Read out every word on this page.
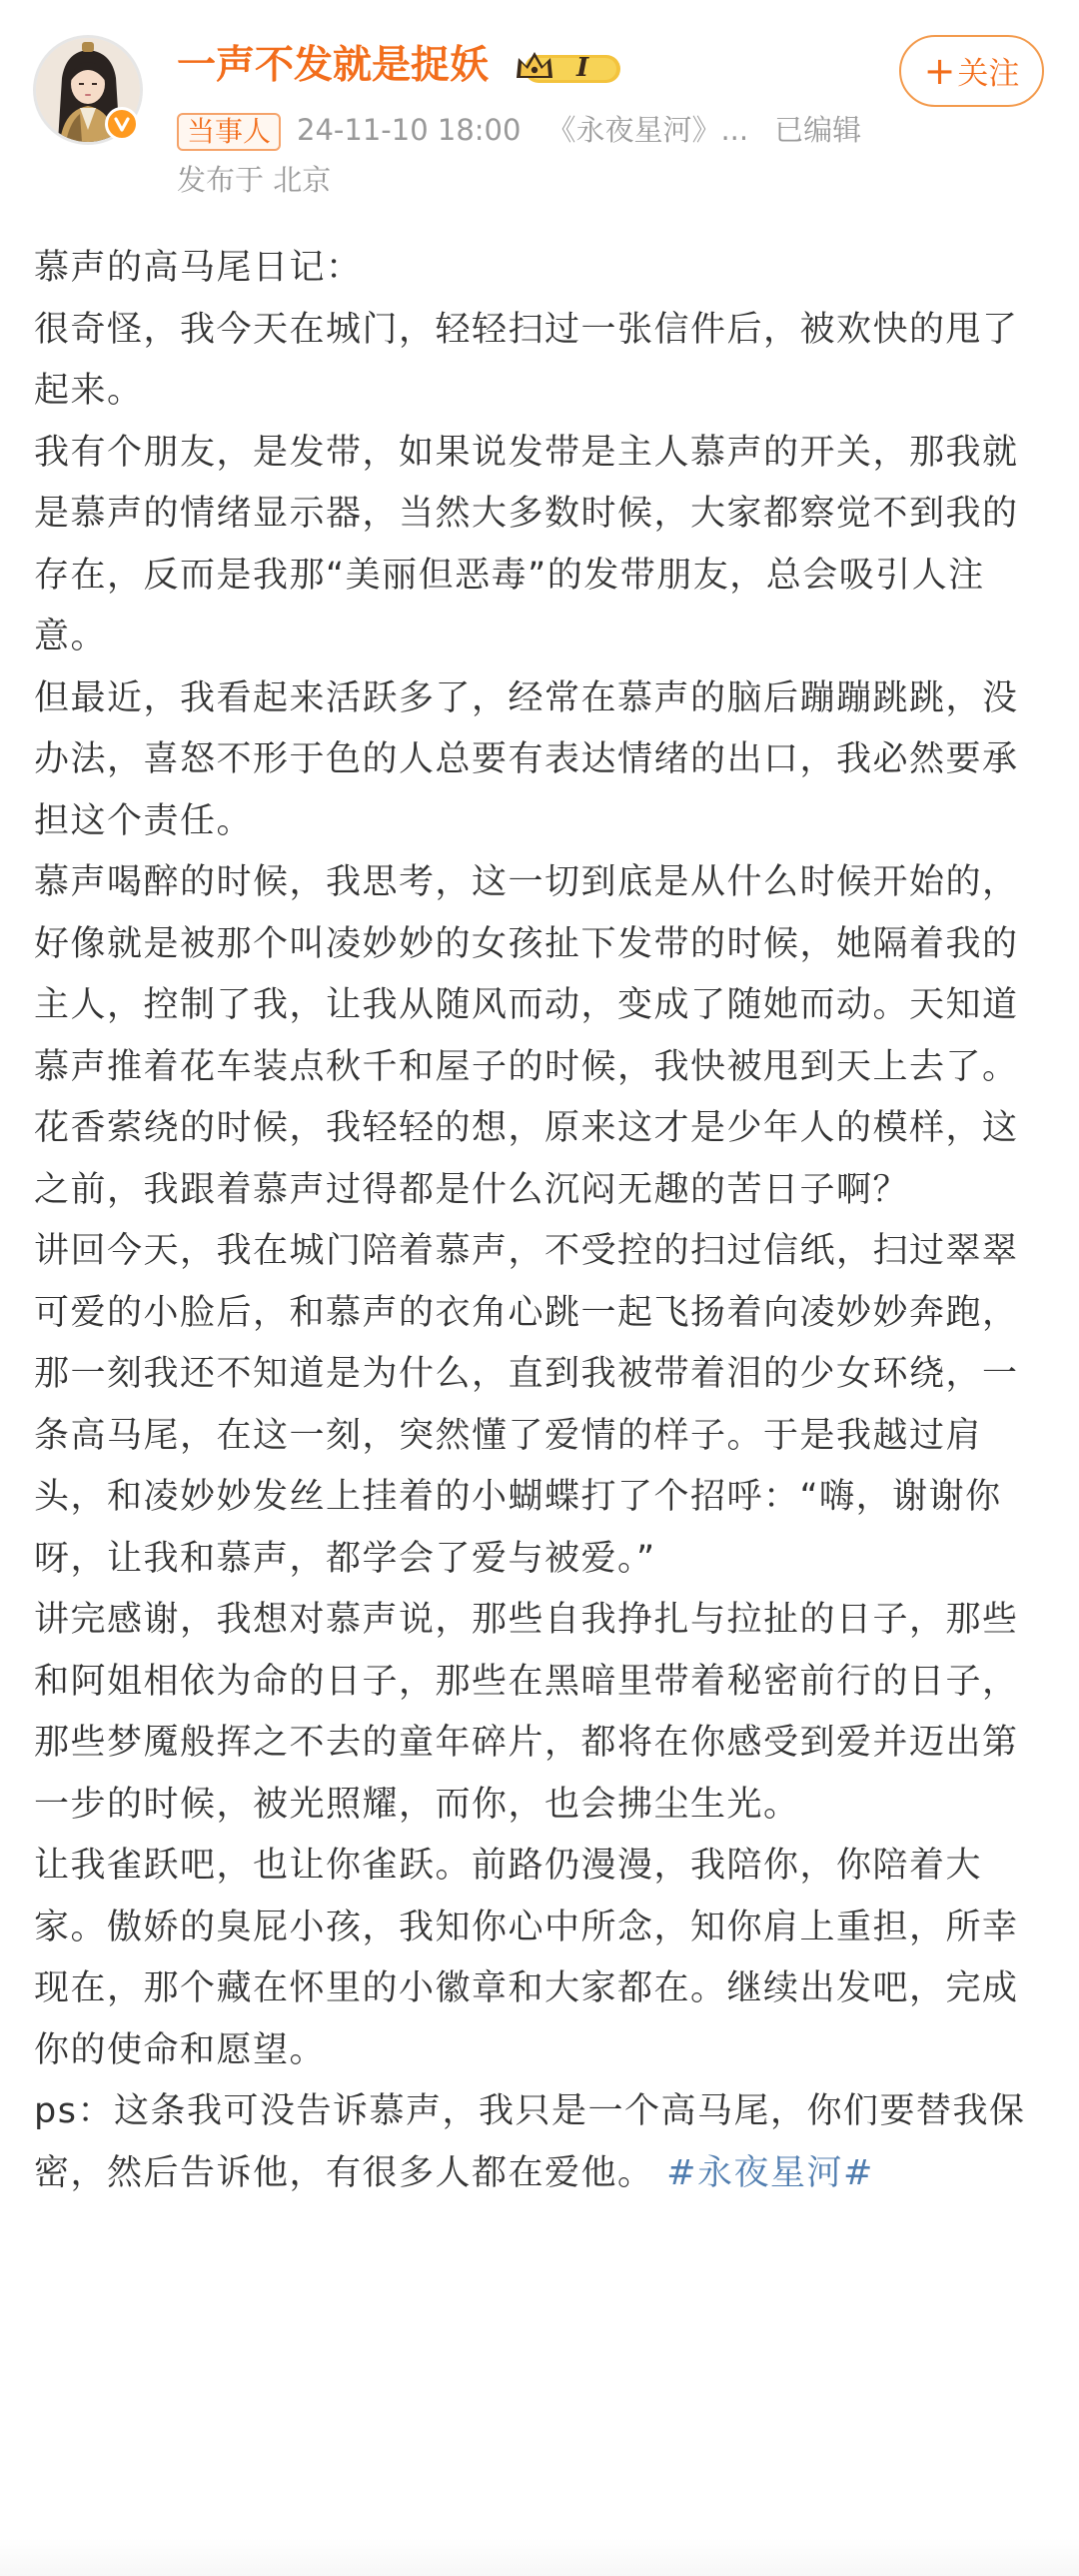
一声不发就是捉妖	I	+关注
当事人 24-11-10 18:00 《永夜星河》... 已编辑
发布于 北京

慕声的高马尾日记：

很奇怪，我今天在城门，轻轻扫过一张信件后，被欢快的甩了起来。

我有个朋友，是发带，如果说发带是主人慕声的开关，那我就是慕声的情绪显示器，当然大多数时候，大家都察觉不到我的存在，反而是我那“美丽但恶毒”的发带朋友，总会吸引人注意。

但最近，我看起来活跃多了，经常在慕声的脑后蹦蹦跳跳，没办法，喜怒不形于色的人总要有表达情绪的出口，我必然要承担这个责任。

慕声喝醉的时候，我思考，这一切到底是从什么时候开始的，好像就是被那个叫凌妙妙的女孩扯下发带的时候，她隔着我的主人，控制了我，让我从随风而动，变成了随她而动。天知道慕声推着花车装点秋千和屋子的时候，我快被甩到天上去了。

花香萦绕的时候，我轻轻的想，原来这才是少年人的模样，这之前，我跟着慕声过得都是什么沉闷无趣的苦日子啊？

讲回今天，我在城门陪着慕声，不受控的扫过信纸，扫过翠翠可爱的小脸后，和慕声的衣角心跳一起飞扬着向凌妙妙奔跑，那一刻我还不知道是为什么，直到我被带着泪的少女环绕，一条高马尾，在这一刻，突然懂了爱情的样子。于是我越过肩头，和凌妙妙发丝上挂着的小蝴蝶打了个招呼：“嗨，谢谢你呀，让我和慕声，都学会了爱与被爱。”

讲完感谢，我想对慕声说，那些自我挣扎与拉扯的日子，那些和阿姐相依为命的日子，那些在黑暗里带着秘密前行的日子，那些梦魇般挥之不去的童年碎片，都将在你感受到爱并迈出第一步的时候，被光照耀，而你，也会拂尘生光。

让我雀跃吧，也让你雀跃。前路仍漫漫，我陪你，你陪着大家。傲娇的臭屁小孩，我知你心中所念，知你肩上重担，所幸现在，那个藏在怀里的小徽章和大家都在。继续出发吧，完成你的使命和愿望。

ps：这条我可没告诉慕声，我只是一个高马尾，你们要替我保密，然后告诉他，有很多人都在爱他。 #永夜星河#
